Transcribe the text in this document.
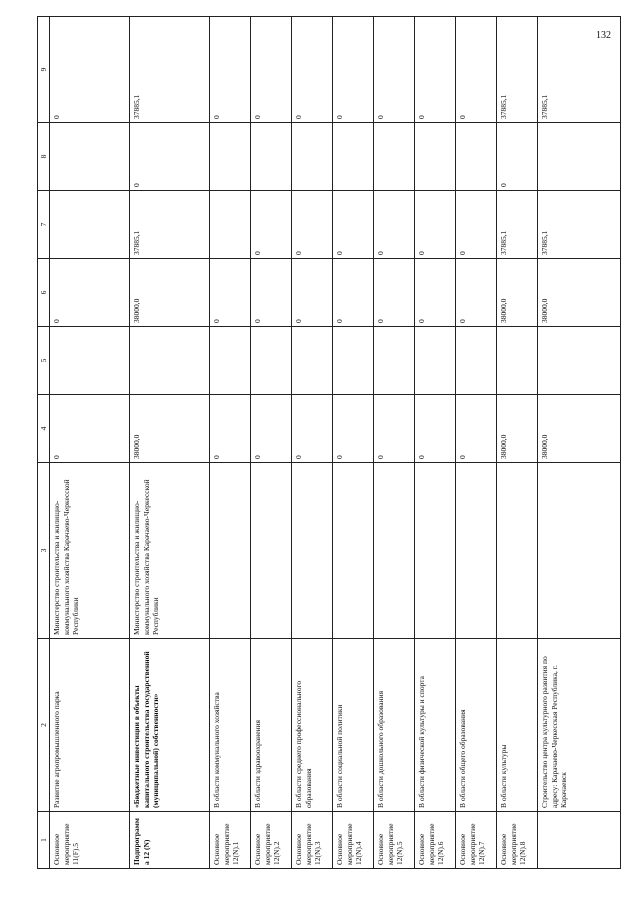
132
1	2	3	4	5	6	7	8	9
Основное мероприятие 11(F).5	Развитие агропромышленного парка	Министерство строительства и жилищно-коммунального хозяйства Карачаево-Черкесской Республики	0		0			0
Подпрограмма 12 (N)	«Бюджетные инвестиции в объекты капитального строительства государственной (муниципальной) собственности»	Министерство строительства и жилищно-коммунального хозяйства Карачаево-Черкесской Республики	38000,0		38000,0	37885,1	0	37885,1
Основное мероприятие 12(N).1	В области коммунального хозяйства		0		0			0
Основное мероприятие 12(N).2	В области здравоохранения		0		0	0		0
Основное мероприятие 12(N).3	В области среднего профессионального образования		0		0	0		0
Основное мероприятие 12(N).4	В области социальной политики		0		0	0		0
Основное мероприятие 12(N).5	В области дошкольного образования		0		0	0		0
Основное мероприятие 12(N).6	В области физической культуры и спорта		0		0	0		0
Основное мероприятие 12(N).7	В области общего образования		0		0	0		0
Основное мероприятие 12(N).8	В области культуры		38000,0		38000,0	37885,1	0	37885,1
	Строительство центра культурного развития по адресу: Карачаево-Черкесская Республика, г. Карачаевск		38000,0		38000,0	37885,1		37885,1
